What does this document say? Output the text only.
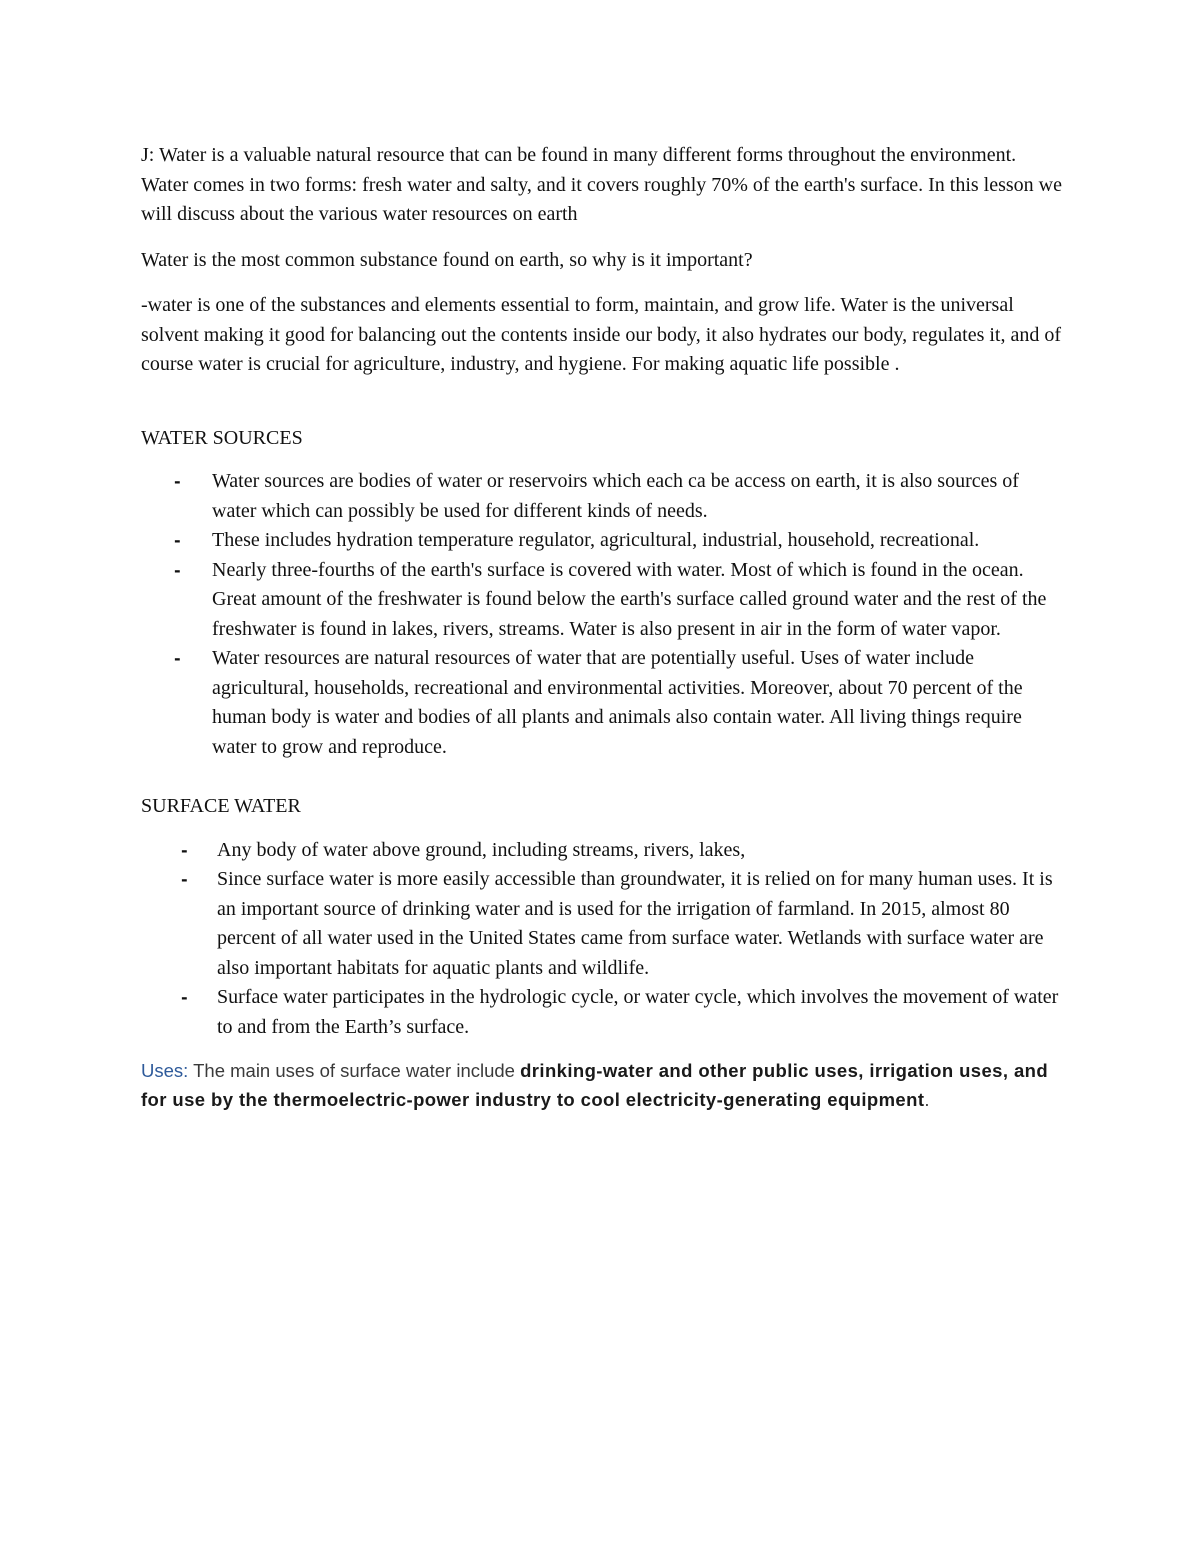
J: Water is a valuable natural resource that can be found in many different forms throughout the environment. Water comes in two forms: fresh water and salty, and it covers roughly 70% of the earth's surface. In this lesson we will discuss about the various water resources on earth

Water is the most common substance found on earth, so why is it important?

-water is one of the substances and elements essential to form, maintain, and grow life. Water is the universal solvent making it good for balancing out the contents inside our body, it also hydrates our body, regulates it, and of course water is crucial for agriculture, industry, and hygiene. For making aquatic life possible .

WATER SOURCES

- Water sources are bodies of water or reservoirs which each ca be access on earth, it is also sources of water which can possibly be used for different kinds of needs.
- These includes hydration temperature regulator, agricultural, industrial, household, recreational.
- Nearly three-fourths of the earth's surface is covered with water. Most of which is found in the ocean. Great amount of the freshwater is found below the earth's surface called ground water and the rest of the freshwater is found in lakes, rivers, streams. Water is also present in air in the form of water vapor.
- Water resources are natural resources of water that are potentially useful. Uses of water include agricultural, households, recreational and environmental activities. Moreover, about 70 percent of the human body is water and bodies of all plants and animals also contain water. All living things require water to grow and reproduce.

SURFACE WATER

- Any body of water above ground, including streams, rivers, lakes,
- Since surface water is more easily accessible than groundwater, it is relied on for many human uses. It is an important source of drinking water and is used for the irrigation of farmland. In 2015, almost 80 percent of all water used in the United States came from surface water. Wetlands with surface water are also important habitats for aquatic plants and wildlife.
- Surface water participates in the hydrologic cycle, or water cycle, which involves the movement of water to and from the Earth’s surface.

Uses: The main uses of surface water include drinking-water and other public uses, irrigation uses, and for use by the thermoelectric-power industry to cool electricity-generating equipment.
